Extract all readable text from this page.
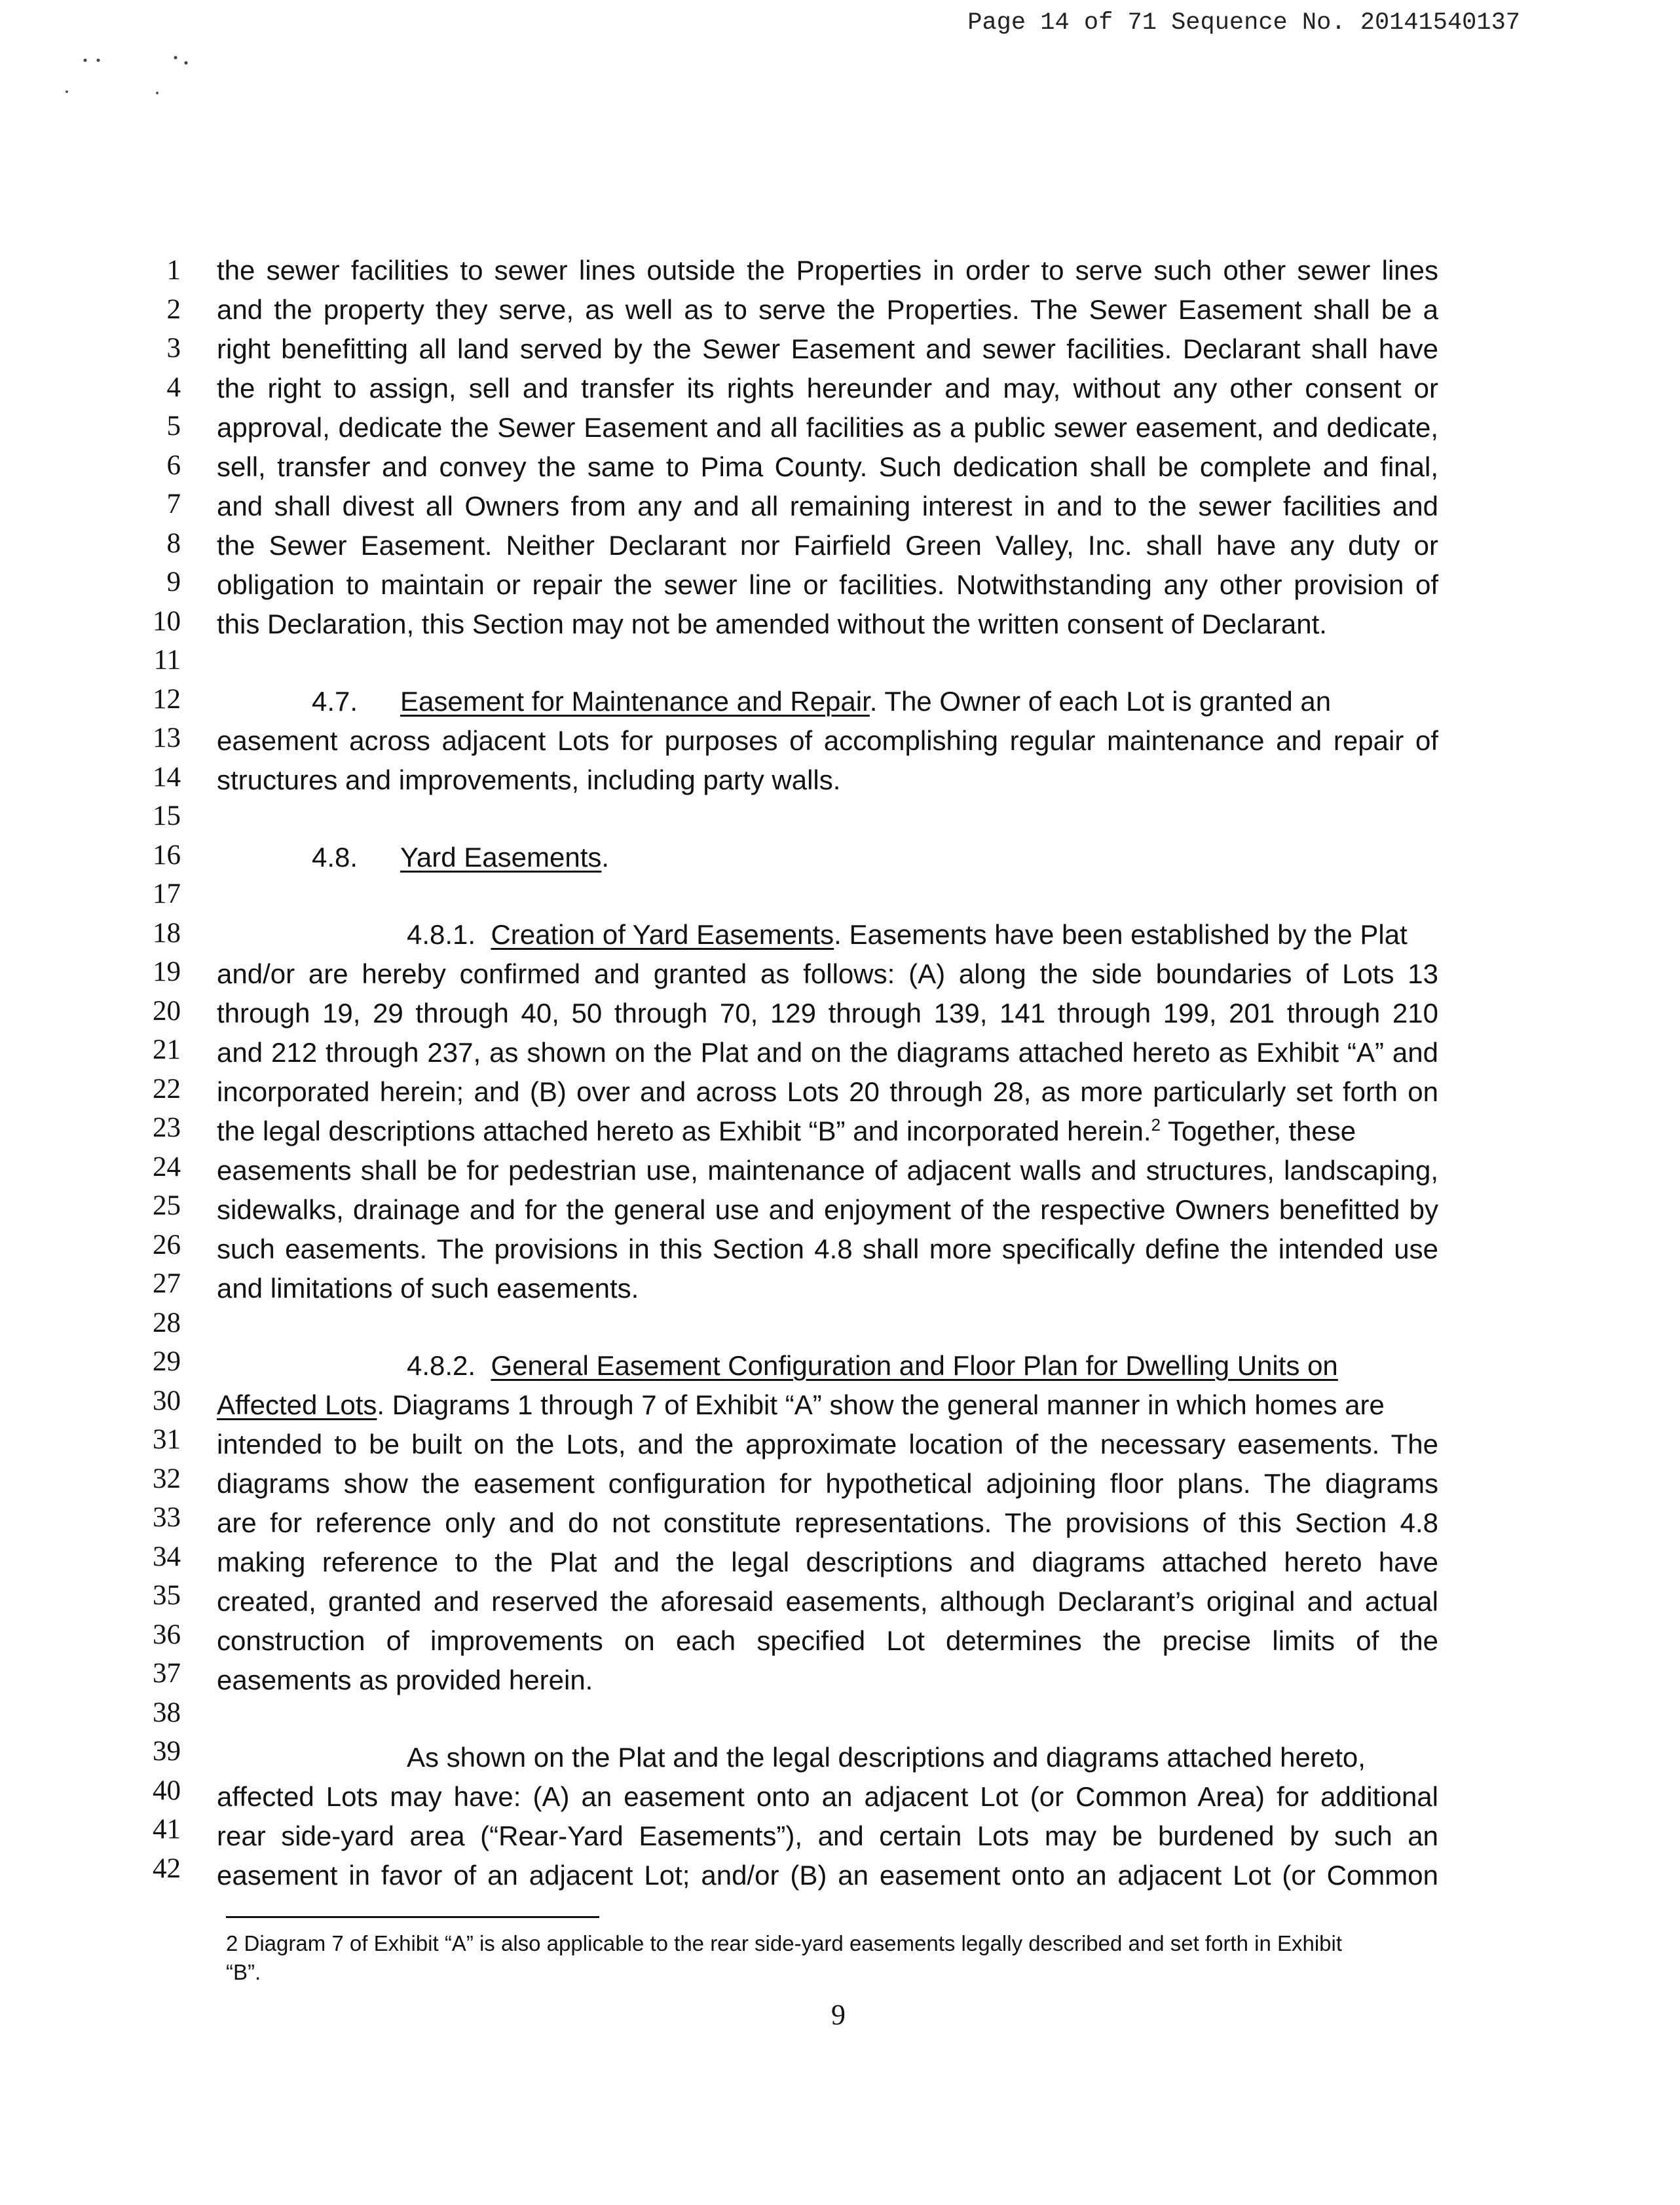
Page 14 of 71 Sequence No. 20141540137
1
2
3
4
5
6
7
8
9
10
11
12
13
14
15
16
17
18
19
20
21
22
23
24
25
26
27
28
29
30
31
32
33
34
35
36
37
38
39
40
41
42
the sewer facilities to sewer lines outside the Properties in order to serve such other sewer lines
and the property they serve, as well as to serve the Properties. The Sewer Easement shall be a
right benefitting all land served by the Sewer Easement and sewer facilities. Declarant shall have
the right to assign, sell and transfer its rights hereunder and may, without any other consent or
approval, dedicate the Sewer Easement and all facilities as a public sewer easement, and dedicate,
sell, transfer and convey the same to Pima County. Such dedication shall be complete and final,
and shall divest all Owners from any and all remaining interest in and to the sewer facilities and
the Sewer Easement. Neither Declarant nor Fairfield Green Valley, Inc. shall have any duty or
obligation to maintain or repair the sewer line or facilities. Notwithstanding any other provision of
this Declaration, this Section may not be amended without the written consent of Declarant.
4.7. Easement for Maintenance and Repair. The Owner of each Lot is granted an
easement across adjacent Lots for purposes of accomplishing regular maintenance and repair of
structures and improvements, including party walls.
4.8. Yard Easements.
4.8.1. Creation of Yard Easements. Easements have been established by the Plat
and/or are hereby confirmed and granted as follows: (A) along the side boundaries of Lots 13
through 19, 29 through 40, 50 through 70, 129 through 139, 141 through 199, 201 through 210
and 212 through 237, as shown on the Plat and on the diagrams attached hereto as Exhibit “A” and
incorporated herein; and (B) over and across Lots 20 through 28, as more particularly set forth on
the legal descriptions attached hereto as Exhibit “B” and incorporated herein.$^2$ Together, these
easements shall be for pedestrian use, maintenance of adjacent walls and structures, landscaping,
sidewalks, drainage and for the general use and enjoyment of the respective Owners benefitted by
such easements. The provisions in this Section 4.8 shall more specifically define the intended use
and limitations of such easements.
4.8.2. General Easement Configuration and Floor Plan for Dwelling Units on
Affected Lots. Diagrams 1 through 7 of Exhibit “A” show the general manner in which homes are
intended to be built on the Lots, and the approximate location of the necessary easements. The
diagrams show the easement configuration for hypothetical adjoining floor plans. The diagrams
are for reference only and do not constitute representations. The provisions of this Section 4.8
making reference to the Plat and the legal descriptions and diagrams attached hereto have
created, granted and reserved the aforesaid easements, although Declarant’s original and actual
construction of improvements on each specified Lot determines the precise limits of the
easements as provided herein.
As shown on the Plat and the legal descriptions and diagrams attached hereto,
affected Lots may have: (A) an easement onto an adjacent Lot (or Common Area) for additional
rear side-yard area (“Rear-Yard Easements”), and certain Lots may be burdened by such an
easement in favor of an adjacent Lot; and/or (B) an easement onto an adjacent Lot (or Common
2 Diagram 7 of Exhibit “A” is also applicable to the rear side-yard easements legally described and set forth in Exhibit
“B”.
9
